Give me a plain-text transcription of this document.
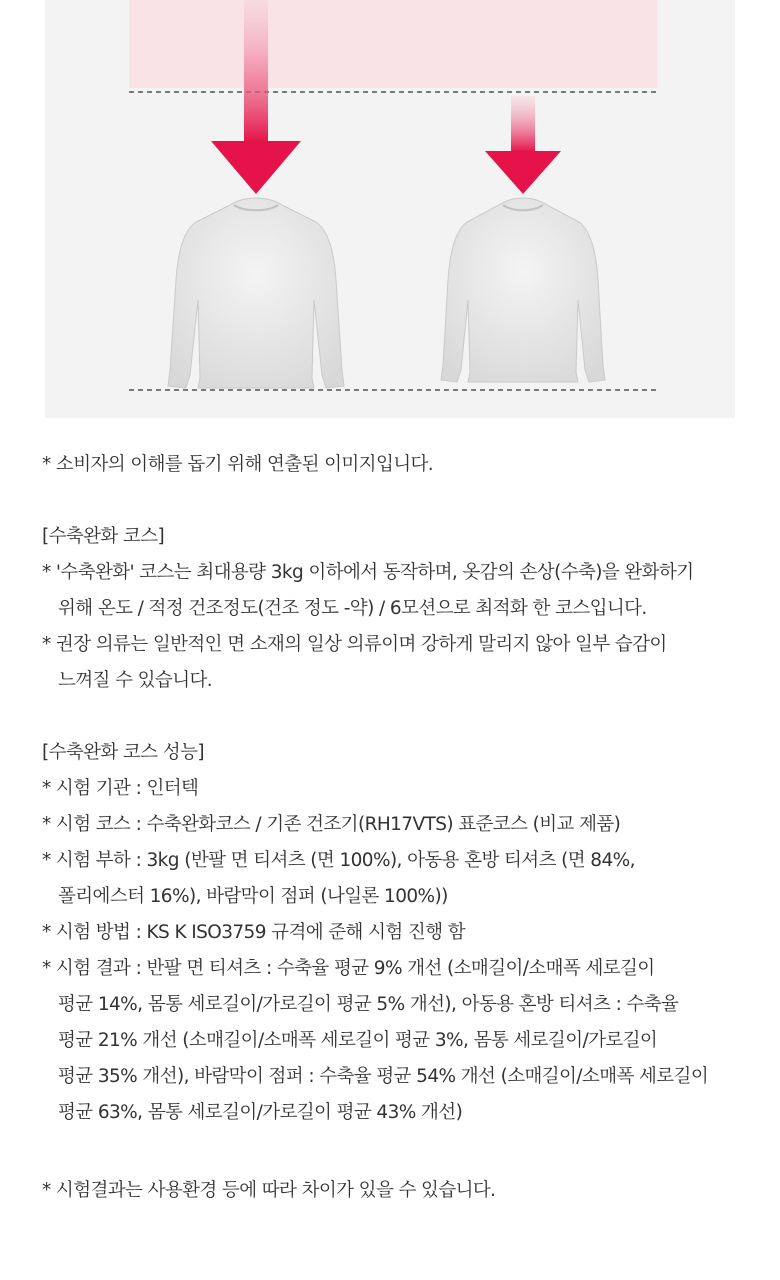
* 소비자의 이해를 돕기 위해 연출된 이미지입니다.
[수축완화 코스]
* '수축완화' 코스는 최대용량 3kg 이하에서 동작하며, 옷감의 손상(수축)을 완화하기
위해 온도 / 적정 건조정도(건조 정도 -약) / 6모션으로 최적화 한 코스입니다.
* 권장 의류는 일반적인 면 소재의 일상 의류이며 강하게 말리지 않아 일부 습감이
느껴질 수 있습니다.
[수축완화 코스 성능]
* 시험 기관 : 인터텍
* 시험 코스 : 수축완화코스 / 기존 건조기(RH17VTS) 표준코스 (비교 제품)
* 시험 부하 : 3kg (반팔 면 티셔츠 (면 100%), 아동용 혼방 티셔츠 (면 84%,
폴리에스터 16%), 바람막이 점퍼 (나일론 100%))
* 시험 방법 : KS K ISO3759 규격에 준해 시험 진행 함
* 시험 결과 : 반팔 면 티셔츠 : 수축율 평균 9% 개선 (소매길이/소매폭 세로길이
평균 14%, 몸통 세로길이/가로길이 평균 5% 개선), 아동용 혼방 티셔츠 : 수축율
평균 21% 개선 (소매길이/소매폭 세로길이 평균 3%, 몸통 세로길이/가로길이
평균 35% 개선), 바람막이 점퍼 : 수축율 평균 54% 개선 (소매길이/소매폭 세로길이
평균 63%, 몸통 세로길이/가로길이 평균 43% 개선)
* 시험결과는 사용환경 등에 따라 차이가 있을 수 있습니다.
